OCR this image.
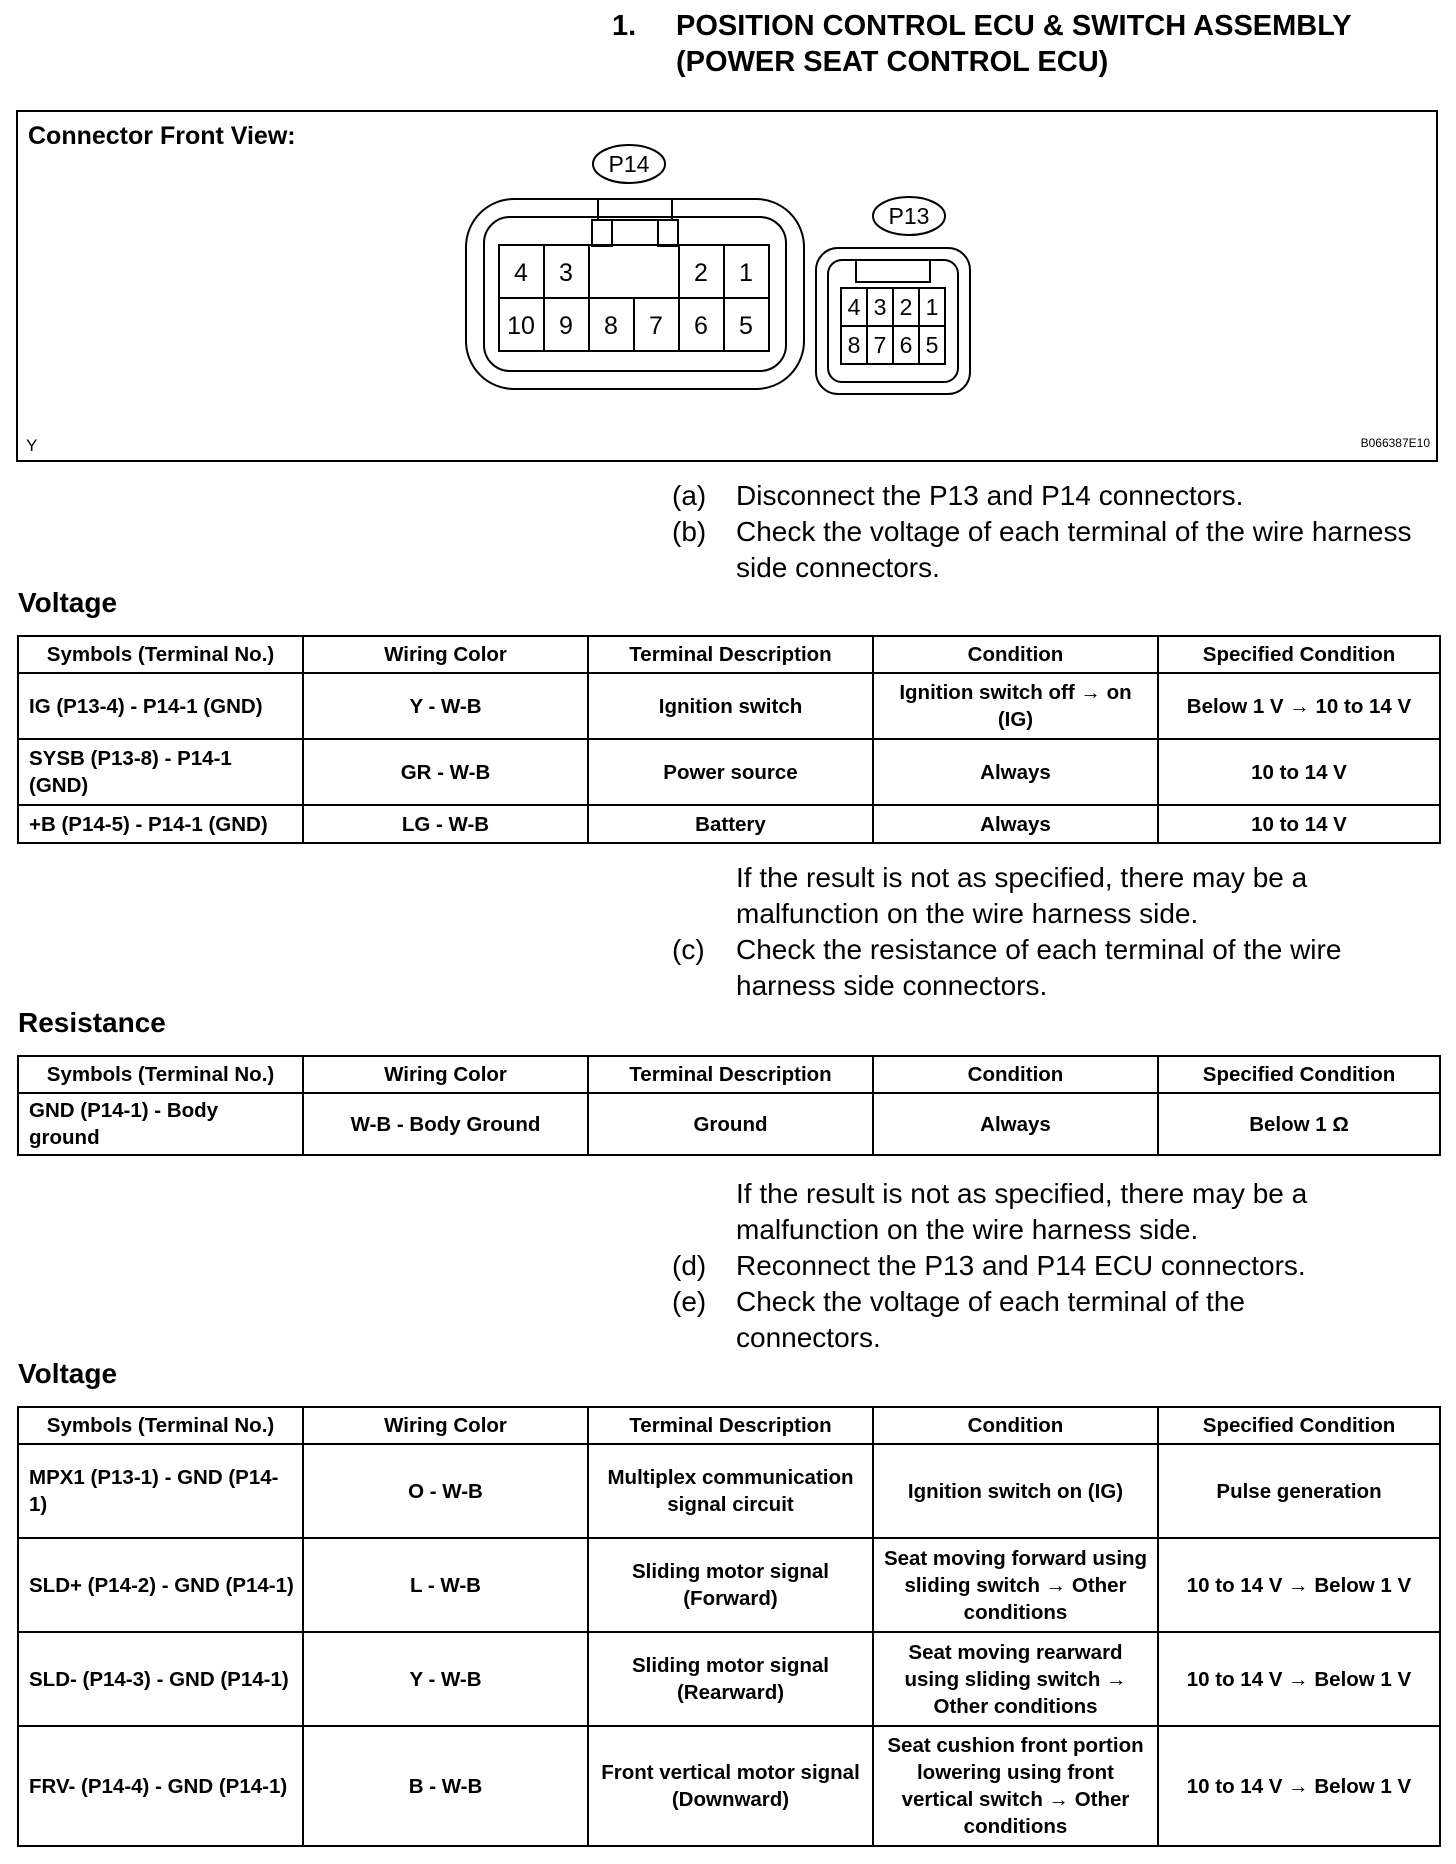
1. POSITION CONTROL ECU & SWITCH ASSEMBLY
(POWER SEAT CONTROL ECU)
Connector Front View:
P14
P13
4 3	2 1
10 9 8 7 6 5
4 3 2 1
8 7 6 5
Y	B066387E10
(a) Disconnect the P13 and P14 connectors.
(b) Check the voltage of each terminal of the wire harness side connectors.
Voltage
Symbols (Terminal No.)	Wiring Color	Terminal Description	Condition	Specified Condition
IG (P13-4) - P14-1 (GND)	Y - W-B	Ignition switch	Ignition switch off → on (IG)	Below 1 V → 10 to 14 V
SYSB (P13-8) - P14-1 (GND)	GR - W-B	Power source	Always	10 to 14 V
+B (P14-5) - P14-1 (GND)	LG - W-B	Battery	Always	10 to 14 V
If the result is not as specified, there may be a malfunction on the wire harness side.
(c) Check the resistance of each terminal of the wire harness side connectors.
Resistance
Symbols (Terminal No.)	Wiring Color	Terminal Description	Condition	Specified Condition
GND (P14-1) - Body ground	W-B - Body Ground	Ground	Always	Below 1 Ω
If the result is not as specified, there may be a malfunction on the wire harness side.
(d) Reconnect the P13 and P14 ECU connectors.
(e) Check the voltage of each terminal of the connectors.
Voltage
Symbols (Terminal No.)	Wiring Color	Terminal Description	Condition	Specified Condition
MPX1 (P13-1) - GND (P14-1)	O - W-B	Multiplex communication signal circuit	Ignition switch on (IG)	Pulse generation
SLD+ (P14-2) - GND (P14-1)	L - W-B	Sliding motor signal (Forward)	Seat moving forward using sliding switch → Other conditions	10 to 14 V → Below 1 V
SLD- (P14-3) - GND (P14-1)	Y - W-B	Sliding motor signal (Rearward)	Seat moving rearward using sliding switch → Other conditions	10 to 14 V → Below 1 V
FRV- (P14-4) - GND (P14-1)	B - W-B	Front vertical motor signal (Downward)	Seat cushion front portion lowering using front vertical switch → Other conditions	10 to 14 V → Below 1 V
